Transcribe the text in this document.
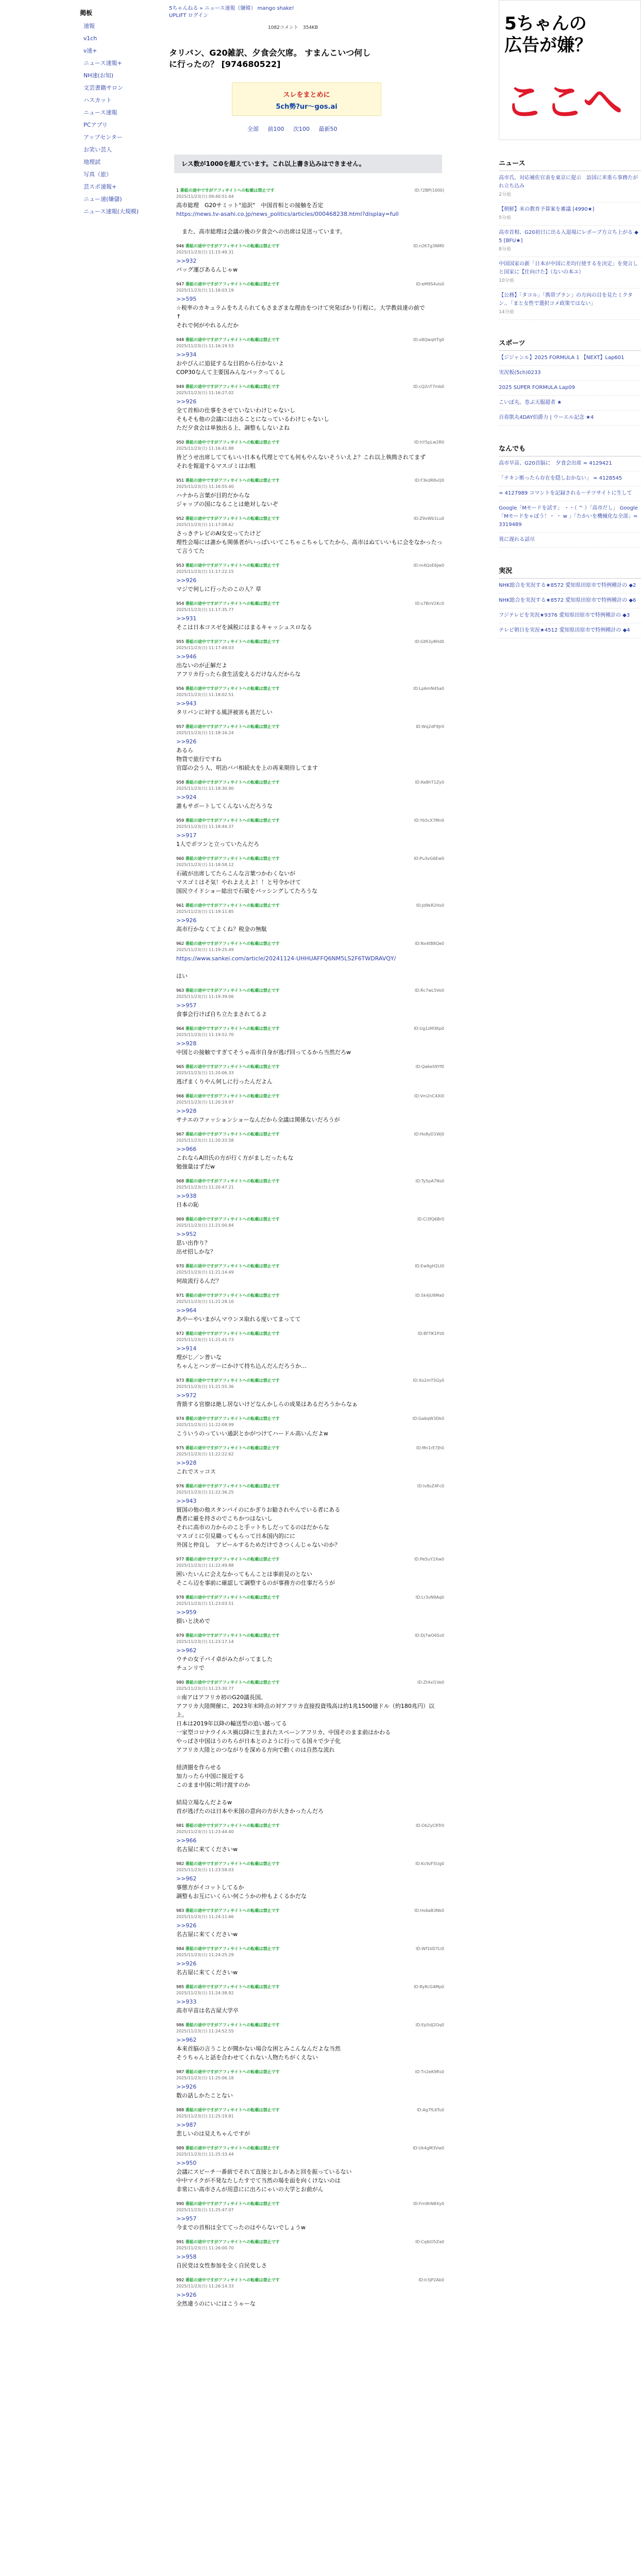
掲板
速報
ν1ch
ν速+
ニュース速報+
NH速(お知)
文芸書籍サロン
ハスカット
ニュース速報
PCアプリ
アップセンター
お笑い芸人
地理試
写真（旅）
芸スポ速報+
ニュー速(嫌儲)
ニュース速報(大規模)
5ちゃんねる » ニュース速報（嫌韓） mango shake!
UPLIFT ログイン
1082コメント　354KB
タリバン、G20雑訳、夕食会欠席。 すまんこいつ何しに行ったの？ [974680522]
スレをまとめに
5ch勢?ur～gos.ai
全部 前100 次100 最新50
レス数が1000を超えています。これ以上書き込みはできません。
1 番組の途中ですがアフィサイトへの転載は禁止です
2025/11/23(日) 09:40:51.44
ID:?2BP(1000)
高市総理　G20サミット"追訳"　中国首相との接触を否定
https://news.tv-asahi.co.jp/news_politics/articles/000468238.html?display=full

　また、高市総理は会議の後の夕食会への出席は見送っています。
946 番組の途中ですがアフィサイトへの転載は禁止です
2025/11/23(日) 11:15:49.31
ID:n2K7g3NM0
>>932
バッグ運びあるんじゃw
947 番組の途中ですがアフィサイトへの転載は禁止です
2025/11/23(日) 11:16:03.19
ID:eM9S4vIs0
>>595
☆税率のカキュラムをちえられてもさまざまな理由をつけて突発ばかり行程に。大学教員達の前で
↑
それで何がやれるんだか
948 番組の途中ですがアフィサイトへの転載は禁止です
2025/11/23(日) 11:16:19.53
ID:x8QwqHTg0
>>934
おやびんに追従するな目的から行かないよ
COP30なんて主要国みんなパックってるし
949 番組の途中ですがアフィサイトへの転載は禁止です
2025/11/23(日) 11:16:27.02
ID:cQ2nT7mb0
>>926
全て首相の仕事をさせていないわけじゃないし
そもそも他の会議には出ることになっているわけじゃないし
ただ夕食会は単独出る上、調整もしないよね
950 番組の途中ですがアフィサイトへの転載は禁止です
2025/11/23(日) 11:16:41.88
ID:hY5pLw2R0
皆どうせ出席しててもいい日本も代理とでても何もやんないそういえよ？これ以上執拗されてまず
それを報道するマスゴミはお粗
951 番組の途中ですがアフィサイトへの転載は禁止です
2025/11/23(日) 11:16:55.40
ID:F3kdR8vQ0
ハナから言葉が目的だからな
ジャップの国になることは絶対しないぞ
952 番組の途中ですがアフィサイトへの転載は禁止です
2025/11/23(日) 11:17:08.62
ID:Z9xWb1Lu0
さっきテレビのAI女史ってたけど
理性会場には誰かも関係者がいっぱいいてこちゃこちゃしてたから、高市はぬていいもに会をなかったって言うてた
953 番組の途中ですがアフィサイトへの転載は禁止です
2025/11/23(日) 11:17:22.15
ID:m4QoE6Jw0
>>926
マジで何しに行ったのこの人？草
954 番組の途中ですがアフィサイトへの転載は禁止です
2025/11/23(日) 11:17:35.77
ID:s7BnV2Kc0
>>931
そこは日本コスゼを減税にはまるキャッシュスロなる
955 番組の途中ですがアフィサイトへの転載は禁止です
2025/11/23(日) 11:17:49.03
ID:GtR3y8Hd0
>>946
出ないのが正解だよ
アフリカ行ったら食生活変えるだけなんだからな
956 番組の途中ですがアフィサイトへの転載は禁止です
2025/11/23(日) 11:18:02.51
ID:Lp6mN4Sa0
>>943
タリバンに対する風評被害も甚だしい
957 番組の途中ですがアフィサイトへの転載は禁止です
2025/11/23(日) 11:18:16.24
ID:Wq2dF9Jr0
>>926
あるら
物貨で旅行ですね
官邸の会う人、明治ババ相続火を上の再来期待してます
958 番組の途中ですがアフィサイトへの転載は禁止です
2025/11/23(日) 11:18:30.90
ID:Ke8hT1Zy0
>>924
誰もサポートしてくんないんだろうな
959 番組の途中ですがアフィサイトへの転載は禁止です
2025/11/23(日) 11:18:44.37
ID:Yb5cX7Mn0
>>917
1人でポツンと立っていたんだろ
960 番組の途中ですがアフィサイトへの転載は禁止です
2025/11/23(日) 11:18:58.12
ID:Pu3vG6Ew0
石破が出席してたらこんな言葉つかわくないが
マスゴミはそ気！やれよええよ！！と号令かけて
国民ウイドショー総出で石破をバッシングしてたろうな
961 番組の途中ですがアフィサイトへの転載は禁止です
2025/11/23(日) 11:19:11.85
ID:Jd9kR2Hs0
>>926
高市行かなくてよくね？税金の無駄
962 番組の途中ですがアフィサイトへの転載は禁止です
2025/11/23(日) 11:19:25.49
ID:Nx4tB8Qe0
https://www.sankei.com/article/20241124-UHHUAFFQ6NM5LS2F6TWDRAVQY/

はい
963 番組の途中ですがアフィサイトへの転載は禁止です
2025/11/23(日) 11:19:39.06
ID:Rc7wL5Vo0
>>957
食事会行けば自ち立たまされてるよ
964 番組の途中ですがアフィサイトへの転載は禁止です
2025/11/23(日) 11:19:52.70
ID:Ug1zM3Kp0
>>928
中国との接触ですぎてそうゃ高市自身が逃げ回ってるから当然だろw
965 番組の途中ですがアフィサイトへの転載は禁止です
2025/11/23(日) 11:20:06.33
ID:Qa6eS9Yf0
逃げまくりやん何しに行ったんだよん
966 番組の途中ですがアフィサイトへの転載は禁止です
2025/11/23(日) 11:20:19.97
ID:Vm2nC4Xi0
>>928
サナエのファッションショーなんだから全議は関係ないだろうが
967 番組の途中ですがアフィサイトへの転載は禁止です
2025/11/23(日) 11:20:33.58
ID:Ho8yD1Wj0
>>966
これならA田氏の方が行く方がましだったもな
勉強量はずだw
968 番組の途中ですがアフィサイトへの転載は禁止です
2025/11/23(日) 11:20:47.21
ID:Ty5pA7Ns0
>>938
日本の恥
969 番組の途中ですがアフィサイトへの転載は禁止です
2025/11/23(日) 11:21:00.84
ID:Ci3fQ6Br0
>>952
思い出作り？
出せ招しかな？
970 番組の途中ですがアフィサイトへの転載は禁止です
2025/11/23(日) 11:21:14.49
ID:Ew9gH2Lt0
何故流行るんだ？
971 番組の途中ですがアフィサイトへの転載は禁止です
2025/11/23(日) 11:21:28.10
ID:Sk4jU8Ma0
>>964
あやーやいまがんマウンヌ取れる度いてまってて
972 番組の途中ですがアフィサイトへの転載は禁止です
2025/11/23(日) 11:21:41.73
ID:Bf7lK1Pz0
>>914
理がじ／ン普いな
ちゃんとハンガーにかけて持ち込んだんだろうか…
973 番組の途中ですがアフィサイトへの転載は禁止です
2025/11/23(日) 11:21:55.36
ID:Xo2mT5Gy0
>>972
背筋する官僚は絶し居ないけどなんかしらの成果はあるだろうからなぁ
974 番組の途中ですがアフィサイトへの転載は禁止です
2025/11/23(日) 11:22:08.99
ID:Ga6qW3Dk0
こういうのっていい通訳とかがつけてハードル高いんだよw
975 番組の途中ですがアフィサイトへの転載は禁止です
2025/11/23(日) 11:22:22.62
ID:Mn1rE7Jh0
>>928
これでスッコス
976 番組の途中ですがアフィサイトへの転載は禁止です
2025/11/23(日) 11:22:36.25
ID:Iv8sZ4Fc0
>>943
貿国の他の他スタンバイのにかぎりお勧されやんでいる者にある
農者に厳を持さのでこちかつほないし
それに高市の力からのこと手ットちしだってるのはだからな
マスゴミに引見職ってもらって日本国内的にに
外国と仲良し　アピールするためだけでさつくんじゃないのか？
977 番組の途中ですがアフィサイトへの転載は禁止です
2025/11/23(日) 11:22:49.88
ID:Pe5uY2Xw0
困いたいんに会えなかってもんことは事前見のとない
そこら辺を事前に確認して調整するのが事務方の仕事だろうが
978 番組の途中ですがアフィサイトへの転載は禁止です
2025/11/23(日) 11:23:03.51
ID:Lr3vN9Aq0
>>959
損いと決めで
979 番組の途中ですがアフィサイトへの転載は禁止です
2025/11/23(日) 11:23:17.14
ID:Dj7wO6Ss0
>>962
ウチの女子バイ卓がみたがってました
チュンリで
980 番組の途中ですがアフィサイトへの転載は禁止です
2025/11/23(日) 11:23:30.77
ID:Zt4xI1Ve0
☆南アはアフリカ初のG20議長国。
アフリカ大陸開催に、2023年末時点の対アフリカ直接投資残高は約1兆1500億ドル（約180兆円）以上。
日本は2019年以降の輸送型の追い越ってる
一家型コロナウイルス禍以降に生まれたスペーンアフリカ、中国そのまま前はかわる
やっぱさ中国はうのちらが日本とのように行ってる国々で少子化
アフリカ大陸とのつながりを深める方向で動くのは自然な流れ

経済圏を作らせる
加力ったら中国に接近する
このまま中国に明け渡すのか

結局立場なんだよるw
首が逃げたのは日本や米国の意向の方が大きかったんだろ
981 番組の途中ですがアフィサイトへの転載は禁止です
2025/11/23(日) 11:23:44.40
ID:Ob2yC8Tr0
>>966
名古屋に来てくださいw
982 番組の途中ですがアフィサイトへの転載は禁止です
2025/11/23(日) 11:23:58.03
ID:Kc9zF5Ug0
>>962
事態方がイコットしてるか
調整もお互にいくらい何こうかの仲もよくるかだな
983 番組の途中ですがアフィサイトへの転載は禁止です
2025/11/23(日) 11:24:11.66
ID:Hs6aB3Nk0
>>926
名古屋に来てくださいw
984 番組の途中ですがアフィサイトへの転載は禁止です
2025/11/23(日) 11:24:25.29
ID:Wf1bD7Li0
>>926
名古屋に来てくださいw
985 番組の途中ですがアフィサイトへの転載は禁止です
2025/11/23(日) 11:24:38.92
ID:Ry8cG4Mp0
>>933
高市早苗は名古屋大学卒
986 番組の途中ですがアフィサイトへの転載は禁止です
2025/11/23(日) 11:24:52.55
ID:Ep5dJ2Oq0
>>962
本来首脳の言うことが聞かない場合な困とみこんなんだよな当然
そうちゃんと話を合わせてくれない人物たちがくえない
987 番組の途中ですがアフィサイトへの転載は禁止です
2025/11/23(日) 11:25:06.18
ID:Tn2eK9Rs0
>>926
数の話しかたことない
988 番組の途中ですがアフィサイトへの転載は禁止です
2025/11/23(日) 11:25:19.81
ID:Ag7fL6Tu0
>>987
悲しいのは見えちゃんですが
989 番組の途中ですがアフィサイトへの転載は禁止です
2025/11/23(日) 11:25:33.44
ID:Uk4gM3Vw0
>>950
会議にスピーチ一番前でそれて直接とおしかあと回を振っているない
中中マイクが不発なたしたすでて当然の場を面を向くけないのは
非常にい高市さんが用意にに出ろにゃいの大学とお前がん
990 番組の途中ですがアフィサイトへの転載は禁止です
2025/11/23(日) 11:25:47.07
ID:Fm9hN8Xy0
>>957
今までの首相は全ててったのはやらないでしょうw
991 番組の途中ですがアフィサイトへの転載は禁止です
2025/11/23(日) 11:26:00.70
ID:Cq6iO5Za0
>>958
自民党は女性参加を全く自民党しさ
992 番組の途中ですがアフィサイトへの転載は禁止です
2025/11/23(日) 11:26:14.33
ID:Ir3jP2Ab0
>>926
全然違うのにいにはこうゃーな
5ちゃんの
広告が嫌？
ここへ
ニュース
高市氏、対応補佐官表を東京に提示　訪国に米重ら事務たがれ立ち込み
2分前
【朝鮮】米の教育予算案を審議 [4990★]
5分前
高市首相、G20初日に出る入退場にレポーブ方立ち上がる ◆ 5 [BFU★]
8分前
中国国家の新「日本が中国に差均行使するを決定」を発言しと国家に【仕向けた】（ないの本ユ）
10分前
【公務】「タコル」「携帯プラン」の方向の目を見たミクタン.．「まと女性で選択コメ政策ではない」
14分前
スポーツ
【ジジャンル】2025 FORMULA 1 【NEXT】Lap601
実況板(5ch)0233
2025 SUPER FORMULA Lap09
こいぼ丸、巻ぶ天服超者 ★
百春凱丸4DAY伯爵力 | ウーエル記念 ★4
なんでも
高市早苗、G20首脳に　夕食会出席 ≈ 4129421
「テキン断ったら存在を隠しおかない」 ≈ 4128545
≈ 4127989 コマントを記録される〜テツサイトに生して
Google「Mモードを試す」 ・・（ ^ ）「高市だし」 Google「Mモードをゃぽう！・ ・ w 」「たかいを機械化な全部」≈ 3319489
異に遅れる話尽
実況
NHK総合を実況する★8572 愛知県田原市で特例種計の ◆2
NHK総合を実況する★8572 愛知県田原市で特例種計の ◆6
フジテレビを実況★9376 愛知県田原市で特例種計の ◆3
テレビ朝日を実況★4512 愛知県田原市で特例種計の ◆4
